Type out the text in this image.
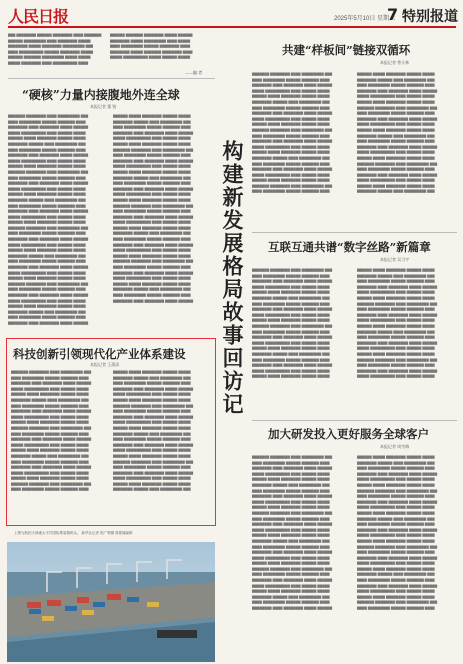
人民日报	2025年5月10日 星期六
7 特别报道
▇▇▇ ▇▇▇▇▇▇▇▇ ▇▇▇▇▇▇ ▇▇▇▇▇▇▇▇ ▇▇▇▇ ▇▇▇▇▇▇▇
▇▇▇▇▇▇ ▇▇▇▇▇▇▇▇▇ ▇▇▇▇ ▇▇▇▇▇▇▇▇ ▇▇▇▇▇
▇▇▇▇▇▇▇▇ ▇▇▇▇▇ ▇▇▇▇▇▇▇▇ ▇▇▇▇▇▇▇▇▇ ▇▇▇
▇▇▇▇ ▇▇▇▇▇▇▇▇▇▇ ▇▇▇▇▇▇ ▇▇▇▇▇▇▇▇ ▇▇▇▇▇
▇▇▇▇▇▇ ▇▇▇▇▇▇▇ ▇▇▇▇▇▇▇▇▇ ▇▇▇▇▇ ▇▇▇▇▇
▇▇▇▇▇ ▇▇▇▇▇▇▇▇ ▇▇▇▇ ▇▇▇▇▇▇▇▇▇▇ ▇▇▇▇
▇▇▇▇▇▇ ▇▇▇▇▇▇▇ ▇▇▇▇▇▇▇▇ ▇▇▇▇▇ ▇▇▇▇▇▇
▇▇▇▇▇▇▇▇ ▇▇▇▇▇ ▇▇▇▇▇▇▇▇▇ ▇▇▇▇ ▇▇▇▇▇
▇▇▇▇ ▇▇▇▇▇▇▇▇▇ ▇▇▇▇▇▇ ▇▇▇▇▇▇▇▇ ▇▇▇▇
▇▇▇▇▇▇▇▇ ▇▇▇▇▇ ▇▇▇▇▇▇▇ ▇▇▇▇▇▇▇▇ ▇▇▇▇
▇▇▇▇▇ ▇▇▇▇▇▇▇▇▇▇ ▇▇▇▇▇ ▇▇▇▇▇▇ ▇▇▇▇▇
——编 者
“硬核”力量内接腹地外连全球
本报记者 董 锐
▇▇▇▇▇▇▇ ▇▇▇▇▇▇▇▇ ▇▇▇▇ ▇▇▇▇▇▇▇▇▇ ▇▇▇
▇▇▇▇ ▇▇▇▇▇▇▇▇▇ ▇▇▇▇▇▇ ▇▇▇▇▇▇▇ ▇▇▇▇
▇▇▇▇▇▇▇▇ ▇▇▇▇ ▇▇▇▇▇▇▇▇ ▇▇▇▇▇ ▇▇▇▇▇▇
▇▇▇▇▇ ▇▇▇▇▇▇▇▇▇▇ ▇▇▇▇ ▇▇▇▇▇▇ ▇▇▇▇▇
▇▇▇▇▇▇ ▇▇▇▇▇ ▇▇▇▇▇▇▇▇ ▇▇▇▇▇▇ ▇▇▇▇▇
▇▇▇▇▇▇▇▇ ▇▇▇▇▇▇ ▇▇▇▇ ▇▇▇▇▇▇▇▇▇ ▇▇▇
▇▇▇▇ ▇▇▇▇▇▇▇▇▇ ▇▇▇▇▇▇ ▇▇▇▇▇▇▇ ▇▇▇▇
▇▇▇▇▇▇▇▇ ▇▇▇▇ ▇▇▇▇▇▇▇▇ ▇▇▇▇▇ ▇▇▇▇▇▇
▇▇▇▇▇ ▇▇▇▇▇▇▇▇▇▇ ▇▇▇▇ ▇▇▇▇▇▇ ▇▇▇▇▇
▇▇▇▇▇▇ ▇▇▇▇▇ ▇▇▇▇▇▇▇▇ ▇▇▇▇▇▇ ▇▇▇▇▇
▇▇▇▇▇▇▇ ▇▇▇▇▇▇▇▇ ▇▇▇▇ ▇▇▇▇▇▇▇▇▇ ▇▇▇
▇▇▇▇ ▇▇▇▇▇▇▇▇▇ ▇▇▇▇▇▇ ▇▇▇▇▇▇▇ ▇▇▇▇
▇▇▇▇▇▇▇▇ ▇▇▇▇ ▇▇▇▇▇▇▇▇ ▇▇▇▇▇ ▇▇▇▇▇▇
▇▇▇▇▇ ▇▇▇▇▇▇▇▇▇▇ ▇▇▇▇ ▇▇▇▇▇▇ ▇▇▇▇▇
▇▇▇▇▇▇ ▇▇▇▇▇ ▇▇▇▇▇▇▇▇ ▇▇▇▇▇▇ ▇▇▇▇▇
▇▇▇▇▇▇▇▇ ▇▇▇▇▇▇ ▇▇▇▇ ▇▇▇▇▇▇▇▇▇ ▇▇▇
▇▇▇▇ ▇▇▇▇▇▇▇▇▇ ▇▇▇▇▇▇ ▇▇▇▇▇▇▇ ▇▇▇▇
▇▇▇▇▇▇▇▇ ▇▇▇▇ ▇▇▇▇▇▇▇▇ ▇▇▇▇▇ ▇▇▇▇▇▇
▇▇▇▇▇ ▇▇▇▇▇▇▇▇▇▇ ▇▇▇▇ ▇▇▇▇▇▇ ▇▇▇▇▇
▇▇▇▇▇▇ ▇▇▇▇▇ ▇▇▇▇▇▇▇▇ ▇▇▇▇▇▇ ▇▇▇▇▇
▇▇▇▇▇▇▇ ▇▇▇▇▇▇▇▇ ▇▇▇▇ ▇▇▇▇▇▇▇▇▇ ▇▇▇
▇▇▇▇ ▇▇▇▇▇▇▇▇▇ ▇▇▇▇▇▇ ▇▇▇▇▇▇▇ ▇▇▇▇
▇▇▇▇▇▇▇▇ ▇▇▇▇ ▇▇▇▇▇▇▇▇ ▇▇▇▇▇ ▇▇▇▇▇▇
▇▇▇▇▇ ▇▇▇▇▇▇▇▇▇▇ ▇▇▇▇ ▇▇▇▇▇▇ ▇▇▇▇▇
▇▇▇▇▇▇ ▇▇▇▇▇ ▇▇▇▇▇▇▇▇ ▇▇▇▇▇▇ ▇▇▇▇▇
▇▇▇▇▇▇▇▇ ▇▇▇▇▇▇ ▇▇▇▇ ▇▇▇▇▇▇▇▇▇ ▇▇▇
▇▇▇▇ ▇▇▇▇▇▇▇▇▇ ▇▇▇▇▇▇ ▇▇▇▇▇▇▇ ▇▇▇▇
▇▇▇▇▇▇▇▇ ▇▇▇▇ ▇▇▇▇▇▇▇▇ ▇▇▇▇▇ ▇▇▇▇▇▇
▇▇▇▇▇ ▇▇▇▇▇▇▇▇▇▇ ▇▇▇▇ ▇▇▇▇▇▇ ▇▇▇▇▇
▇▇▇▇▇▇ ▇▇▇▇▇ ▇▇▇▇▇▇▇▇ ▇▇▇▇▇▇ ▇▇▇▇▇
▇▇▇▇▇▇▇ ▇▇▇▇▇▇▇▇ ▇▇▇▇ ▇▇▇▇▇▇▇▇▇ ▇▇▇
▇▇▇▇ ▇▇▇▇▇▇▇▇▇ ▇▇▇▇▇▇ ▇▇▇▇▇▇▇ ▇▇▇▇
▇▇▇▇▇▇▇▇ ▇▇▇▇ ▇▇▇▇▇▇▇▇ ▇▇▇▇▇ ▇▇▇▇▇▇
▇▇▇▇▇ ▇▇▇▇▇▇▇▇▇▇ ▇▇▇▇ ▇▇▇▇▇▇ ▇▇▇▇▇
▇▇▇▇▇▇ ▇▇▇▇▇ ▇▇▇▇▇▇▇▇ ▇▇▇▇▇▇ ▇▇▇▇▇
▇▇▇▇▇▇▇▇ ▇▇▇▇▇▇ ▇▇▇▇ ▇▇▇▇▇▇▇▇▇ ▇▇▇
▇▇▇▇ ▇▇▇▇▇▇▇▇▇ ▇▇▇▇▇▇ ▇▇▇▇▇▇▇ ▇▇▇▇
▇▇▇▇▇▇▇▇ ▇▇▇▇ ▇▇▇▇▇▇▇▇ ▇▇▇▇▇ ▇▇▇▇▇▇
▇▇▇▇▇▇ ▇▇▇▇▇ ▇▇▇▇▇▇▇▇ ▇▇▇▇▇▇ ▇▇▇▇▇
▇▇▇▇▇▇▇▇ ▇▇▇▇▇▇ ▇▇▇▇ ▇▇▇▇▇▇▇▇▇ ▇▇▇
▇▇▇▇ ▇▇▇▇▇▇▇▇▇ ▇▇▇▇▇▇ ▇▇▇▇▇▇▇ ▇▇▇▇
▇▇▇▇▇▇▇▇ ▇▇▇▇ ▇▇▇▇▇▇▇▇ ▇▇▇▇▇ ▇▇▇▇▇▇
▇▇▇▇▇ ▇▇▇▇▇▇▇▇▇▇ ▇▇▇▇ ▇▇▇▇▇▇ ▇▇▇▇▇
▇▇▇▇▇▇ ▇▇▇▇▇ ▇▇▇▇▇▇▇▇ ▇▇▇▇▇▇ ▇▇▇▇▇
▇▇▇▇▇▇▇ ▇▇▇▇▇▇▇▇ ▇▇▇▇ ▇▇▇▇▇▇▇▇▇ ▇▇▇
▇▇▇▇ ▇▇▇▇▇▇▇▇▇ ▇▇▇▇▇▇ ▇▇▇▇▇▇▇ ▇▇▇▇
▇▇▇▇▇▇▇▇ ▇▇▇▇ ▇▇▇▇▇▇▇▇ ▇▇▇▇▇ ▇▇▇▇▇▇
▇▇▇▇▇ ▇▇▇▇▇▇▇▇▇▇ ▇▇▇▇ ▇▇▇▇▇▇ ▇▇▇▇▇
▇▇▇▇▇▇ ▇▇▇▇▇ ▇▇▇▇▇▇▇▇ ▇▇▇▇▇▇ ▇▇▇▇▇
▇▇▇▇▇▇▇▇ ▇▇▇▇▇▇ ▇▇▇▇ ▇▇▇▇▇▇▇▇▇ ▇▇▇
▇▇▇▇ ▇▇▇▇▇▇▇▇▇ ▇▇▇▇▇▇ ▇▇▇▇▇▇▇ ▇▇▇▇
▇▇▇▇▇▇▇▇ ▇▇▇▇ ▇▇▇▇▇▇▇▇ ▇▇▇▇▇ ▇▇▇▇▇▇
▇▇▇▇▇ ▇▇▇▇▇▇▇▇▇▇ ▇▇▇▇ ▇▇▇▇▇▇ ▇▇▇▇▇
▇▇▇▇▇▇ ▇▇▇▇▇ ▇▇▇▇▇▇▇▇ ▇▇▇▇▇▇ ▇▇▇▇▇
▇▇▇▇▇▇▇ ▇▇▇▇▇▇▇▇ ▇▇▇▇ ▇▇▇▇▇▇▇▇▇ ▇▇▇
▇▇▇▇ ▇▇▇▇▇▇▇▇▇ ▇▇▇▇▇▇ ▇▇▇▇▇▇▇ ▇▇▇▇
▇▇▇▇▇▇▇▇ ▇▇▇▇ ▇▇▇▇▇▇▇▇ ▇▇▇▇▇ ▇▇▇▇▇▇
▇▇▇▇▇ ▇▇▇▇▇▇▇▇▇▇ ▇▇▇▇ ▇▇▇▇▇▇ ▇▇▇▇▇
▇▇▇▇▇▇ ▇▇▇▇▇ ▇▇▇▇▇▇▇▇ ▇▇▇▇▇▇ ▇▇▇▇▇
▇▇▇▇▇▇▇▇ ▇▇▇▇▇▇ ▇▇▇▇ ▇▇▇▇▇▇▇▇▇ ▇▇▇
▇▇▇▇ ▇▇▇▇▇▇▇▇▇ ▇▇▇▇▇▇ ▇▇▇▇▇▇▇ ▇▇▇▇
▇▇▇▇▇▇▇▇ ▇▇▇▇ ▇▇▇▇▇▇▇▇ ▇▇▇▇▇ ▇▇▇▇▇▇
▇▇▇▇▇ ▇▇▇▇▇▇▇▇▇▇ ▇▇▇▇ ▇▇▇▇▇▇ ▇▇▇▇▇
▇▇▇▇▇▇ ▇▇▇▇▇ ▇▇▇▇▇▇▇▇ ▇▇▇▇▇▇ ▇▇▇▇▇
▇▇▇▇▇▇▇ ▇▇▇▇▇▇▇▇ ▇▇▇▇ ▇▇▇▇▇▇▇▇▇ ▇▇▇
▇▇▇▇ ▇▇▇▇▇▇▇▇▇ ▇▇▇▇▇▇ ▇▇▇▇▇▇▇ ▇▇▇▇
▇▇▇▇▇▇▇▇ ▇▇▇▇ ▇▇▇▇▇▇▇▇ ▇▇▇▇▇ ▇▇▇▇▇▇
▇▇▇▇▇ ▇▇▇▇▇▇▇▇▇▇ ▇▇▇▇ ▇▇▇▇▇▇ ▇▇▇▇▇
▇▇▇▇▇▇ ▇▇▇▇▇ ▇▇▇▇▇▇▇▇ ▇▇▇▇▇▇ ▇▇▇▇▇
▇▇▇▇▇▇▇▇ ▇▇▇▇▇▇ ▇▇▇▇ ▇▇▇▇▇▇▇▇▇ ▇▇▇
▇▇▇▇ ▇▇▇▇▇▇▇▇▇ ▇▇▇▇▇▇ ▇▇▇▇▇▇▇ ▇▇▇▇
▇▇▇▇▇▇▇▇ ▇▇▇▇ ▇▇▇▇▇▇▇▇ ▇▇▇▇▇ ▇▇▇▇▇▇
科技创新引领现代化产业体系建设
本报记者 王蒲清
▇▇▇▇▇▇▇ ▇▇▇▇▇▇▇▇ ▇▇▇▇ ▇▇▇▇▇▇▇▇▇ ▇▇▇
▇▇▇▇ ▇▇▇▇▇▇▇▇▇ ▇▇▇▇▇▇ ▇▇▇▇▇▇▇ ▇▇▇▇
▇▇▇▇▇▇▇▇ ▇▇▇▇ ▇▇▇▇▇▇▇▇ ▇▇▇▇▇ ▇▇▇▇▇▇
▇▇▇▇▇ ▇▇▇▇▇▇▇▇▇▇ ▇▇▇▇ ▇▇▇▇▇▇ ▇▇▇▇▇
▇▇▇▇▇▇ ▇▇▇▇▇ ▇▇▇▇▇▇▇▇ ▇▇▇▇▇▇ ▇▇▇▇▇
▇▇▇▇▇▇▇▇ ▇▇▇▇▇▇ ▇▇▇▇ ▇▇▇▇▇▇▇▇▇ ▇▇▇
▇▇▇▇ ▇▇▇▇▇▇▇▇▇ ▇▇▇▇▇▇ ▇▇▇▇▇▇▇ ▇▇▇▇
▇▇▇▇▇▇▇▇ ▇▇▇▇ ▇▇▇▇▇▇▇▇ ▇▇▇▇▇ ▇▇▇▇▇▇
▇▇▇▇▇ ▇▇▇▇▇▇▇▇▇▇ ▇▇▇▇ ▇▇▇▇▇▇ ▇▇▇▇▇
▇▇▇▇▇▇ ▇▇▇▇▇ ▇▇▇▇▇▇▇▇ ▇▇▇▇▇▇ ▇▇▇▇▇
▇▇▇▇▇▇▇ ▇▇▇▇▇▇▇▇ ▇▇▇▇ ▇▇▇▇▇▇▇▇▇ ▇▇▇
▇▇▇▇ ▇▇▇▇▇▇▇▇▇ ▇▇▇▇▇▇ ▇▇▇▇▇▇▇ ▇▇▇▇
▇▇▇▇▇▇▇▇ ▇▇▇▇ ▇▇▇▇▇▇▇▇ ▇▇▇▇▇ ▇▇▇▇▇▇
▇▇▇▇▇ ▇▇▇▇▇▇▇▇▇▇ ▇▇▇▇ ▇▇▇▇▇▇ ▇▇▇▇▇
▇▇▇▇▇▇ ▇▇▇▇▇ ▇▇▇▇▇▇▇▇ ▇▇▇▇▇▇ ▇▇▇▇▇
▇▇▇▇▇▇▇▇ ▇▇▇▇▇▇ ▇▇▇▇ ▇▇▇▇▇▇▇▇▇ ▇▇▇
▇▇▇▇ ▇▇▇▇▇▇▇▇▇ ▇▇▇▇▇▇ ▇▇▇▇▇▇▇ ▇▇▇▇
▇▇▇▇▇▇▇▇ ▇▇▇▇ ▇▇▇▇▇▇▇▇ ▇▇▇▇▇ ▇▇▇▇▇▇
▇▇▇▇▇ ▇▇▇▇▇▇▇▇▇▇ ▇▇▇▇ ▇▇▇▇▇▇ ▇▇▇▇▇
▇▇▇▇▇▇ ▇▇▇▇▇ ▇▇▇▇▇▇▇▇ ▇▇▇▇▇▇ ▇▇▇▇▇
▇▇▇▇▇▇▇ ▇▇▇▇▇▇▇▇ ▇▇▇▇ ▇▇▇▇▇▇▇▇▇ ▇▇▇
▇▇▇▇ ▇▇▇▇▇▇▇▇▇ ▇▇▇▇▇▇ ▇▇▇▇▇▇▇ ▇▇▇▇
▇▇▇▇▇▇ ▇▇▇▇▇ ▇▇▇▇▇▇▇▇ ▇▇▇▇▇▇ ▇▇▇▇▇
▇▇▇▇▇▇▇▇ ▇▇▇▇▇▇ ▇▇▇▇ ▇▇▇▇▇▇▇▇▇ ▇▇▇
▇▇▇▇ ▇▇▇▇▇▇▇▇▇ ▇▇▇▇▇▇ ▇▇▇▇▇▇▇ ▇▇▇▇
▇▇▇▇▇▇▇▇ ▇▇▇▇ ▇▇▇▇▇▇▇▇ ▇▇▇▇▇ ▇▇▇▇▇▇
▇▇▇▇▇ ▇▇▇▇▇▇▇▇▇▇ ▇▇▇▇ ▇▇▇▇▇▇ ▇▇▇▇▇
▇▇▇▇▇▇ ▇▇▇▇▇ ▇▇▇▇▇▇▇▇ ▇▇▇▇▇▇ ▇▇▇▇▇
▇▇▇▇▇▇▇ ▇▇▇▇▇▇▇▇ ▇▇▇▇ ▇▇▇▇▇▇▇▇▇ ▇▇▇
▇▇▇▇ ▇▇▇▇▇▇▇▇▇ ▇▇▇▇▇▇ ▇▇▇▇▇▇▇ ▇▇▇▇
▇▇▇▇▇▇▇▇ ▇▇▇▇ ▇▇▇▇▇▇▇▇ ▇▇▇▇▇ ▇▇▇▇▇▇
▇▇▇▇▇ ▇▇▇▇▇▇▇▇▇▇ ▇▇▇▇ ▇▇▇▇▇▇ ▇▇▇▇▇
▇▇▇▇▇▇ ▇▇▇▇▇ ▇▇▇▇▇▇▇▇ ▇▇▇▇▇▇ ▇▇▇▇▇
▇▇▇▇▇▇▇▇ ▇▇▇▇▇▇ ▇▇▇▇ ▇▇▇▇▇▇▇▇▇ ▇▇▇
▇▇▇▇ ▇▇▇▇▇▇▇▇▇ ▇▇▇▇▇▇ ▇▇▇▇▇▇▇ ▇▇▇▇
▇▇▇▇▇▇▇▇ ▇▇▇▇ ▇▇▇▇▇▇▇▇ ▇▇▇▇▇ ▇▇▇▇▇▇
▇▇▇▇▇ ▇▇▇▇▇▇▇▇▇▇ ▇▇▇▇ ▇▇▇▇▇▇ ▇▇▇▇▇
▇▇▇▇▇▇ ▇▇▇▇▇ ▇▇▇▇▇▇▇▇ ▇▇▇▇▇▇ ▇▇▇▇▇
▇▇▇▇▇▇▇ ▇▇▇▇▇▇▇▇ ▇▇▇▇ ▇▇▇▇▇▇▇▇▇ ▇▇▇
▇▇▇▇ ▇▇▇▇▇▇▇▇▇ ▇▇▇▇▇▇ ▇▇▇▇▇▇▇ ▇▇▇▇
▇▇▇▇▇▇▇▇ ▇▇▇▇ ▇▇▇▇▇▇▇▇ ▇▇▇▇▇ ▇▇▇▇▇▇
▇▇▇▇▇ ▇▇▇▇▇▇▇▇▇▇ ▇▇▇▇ ▇▇▇▇▇▇ ▇▇▇▇▇
▇▇▇▇▇▇ ▇▇▇▇▇ ▇▇▇▇▇▇▇▇ ▇▇▇▇▇▇ ▇▇▇▇▇
▇▇▇▇▇▇▇▇ ▇▇▇▇▇▇ ▇▇▇▇ ▇▇▇▇▇▇▇▇▇ ▇▇▇
上图为航拍天津港太平洋国际集装箱码头。 新华社记者 邢广利摄 周德闻编制
构建新发展格局故事回访记
共建“样板间”链接双循环
本报记者 曾天林
▇▇▇▇▇▇▇ ▇▇▇▇▇▇▇▇ ▇▇▇▇ ▇▇▇▇▇▇▇▇▇ ▇▇▇
▇▇▇▇ ▇▇▇▇▇▇▇▇▇ ▇▇▇▇▇▇ ▇▇▇▇▇▇▇ ▇▇▇▇
▇▇▇▇▇▇▇▇ ▇▇▇▇ ▇▇▇▇▇▇▇▇ ▇▇▇▇▇ ▇▇▇▇▇▇
▇▇▇▇▇ ▇▇▇▇▇▇▇▇▇▇ ▇▇▇▇ ▇▇▇▇▇▇ ▇▇▇▇▇
▇▇▇▇▇▇ ▇▇▇▇▇ ▇▇▇▇▇▇▇▇ ▇▇▇▇▇▇ ▇▇▇▇▇
▇▇▇▇▇▇▇▇ ▇▇▇▇▇▇ ▇▇▇▇ ▇▇▇▇▇▇▇▇▇ ▇▇▇
▇▇▇▇ ▇▇▇▇▇▇▇▇▇ ▇▇▇▇▇▇ ▇▇▇▇▇▇▇ ▇▇▇▇
▇▇▇▇▇▇▇▇ ▇▇▇▇ ▇▇▇▇▇▇▇▇ ▇▇▇▇▇ ▇▇▇▇▇▇
▇▇▇▇▇ ▇▇▇▇▇▇▇▇▇▇ ▇▇▇▇ ▇▇▇▇▇▇ ▇▇▇▇▇
▇▇▇▇▇▇ ▇▇▇▇▇ ▇▇▇▇▇▇▇▇ ▇▇▇▇▇▇ ▇▇▇▇▇
▇▇▇▇▇▇▇ ▇▇▇▇▇▇▇▇ ▇▇▇▇ ▇▇▇▇▇▇▇▇▇ ▇▇▇
▇▇▇▇ ▇▇▇▇▇▇▇▇▇ ▇▇▇▇▇▇ ▇▇▇▇▇▇▇ ▇▇▇▇
▇▇▇▇▇▇▇▇ ▇▇▇▇ ▇▇▇▇▇▇▇▇ ▇▇▇▇▇ ▇▇▇▇▇▇
▇▇▇▇▇ ▇▇▇▇▇▇▇▇▇▇ ▇▇▇▇ ▇▇▇▇▇▇ ▇▇▇▇▇
▇▇▇▇▇▇ ▇▇▇▇▇ ▇▇▇▇▇▇▇▇ ▇▇▇▇▇▇ ▇▇▇▇▇
▇▇▇▇▇▇▇▇ ▇▇▇▇▇▇ ▇▇▇▇ ▇▇▇▇▇▇▇▇▇ ▇▇▇
▇▇▇▇ ▇▇▇▇▇▇▇▇▇ ▇▇▇▇▇▇ ▇▇▇▇▇▇▇ ▇▇▇▇
▇▇▇▇▇▇▇▇ ▇▇▇▇ ▇▇▇▇▇▇▇▇ ▇▇▇▇▇ ▇▇▇▇▇▇
▇▇▇▇▇ ▇▇▇▇▇▇▇▇▇▇ ▇▇▇▇ ▇▇▇▇▇▇ ▇▇▇▇▇
▇▇▇▇▇▇ ▇▇▇▇▇ ▇▇▇▇▇▇▇▇ ▇▇▇▇▇▇ ▇▇▇▇▇
▇▇▇▇▇▇▇ ▇▇▇▇▇▇▇▇ ▇▇▇▇ ▇▇▇▇▇▇▇▇▇ ▇▇▇
▇▇▇▇ ▇▇▇▇▇▇▇▇▇ ▇▇▇▇▇▇ ▇▇▇▇▇▇▇ ▇▇▇▇
▇▇▇▇▇▇ ▇▇▇▇▇ ▇▇▇▇▇▇▇▇ ▇▇▇▇▇▇ ▇▇▇▇▇
▇▇▇▇▇▇▇▇ ▇▇▇▇▇▇ ▇▇▇▇ ▇▇▇▇▇▇▇▇▇ ▇▇▇
▇▇▇▇ ▇▇▇▇▇▇▇▇▇ ▇▇▇▇▇▇ ▇▇▇▇▇▇▇ ▇▇▇▇
▇▇▇▇▇▇▇▇ ▇▇▇▇ ▇▇▇▇▇▇▇▇ ▇▇▇▇▇ ▇▇▇▇▇▇
▇▇▇▇▇ ▇▇▇▇▇▇▇▇▇▇ ▇▇▇▇ ▇▇▇▇▇▇ ▇▇▇▇▇
▇▇▇▇▇▇ ▇▇▇▇▇ ▇▇▇▇▇▇▇▇ ▇▇▇▇▇▇ ▇▇▇▇▇
▇▇▇▇▇▇▇ ▇▇▇▇▇▇▇▇ ▇▇▇▇ ▇▇▇▇▇▇▇▇▇ ▇▇▇
▇▇▇▇ ▇▇▇▇▇▇▇▇▇ ▇▇▇▇▇▇ ▇▇▇▇▇▇▇ ▇▇▇▇
▇▇▇▇▇▇▇▇ ▇▇▇▇ ▇▇▇▇▇▇▇▇ ▇▇▇▇▇ ▇▇▇▇▇▇
▇▇▇▇▇ ▇▇▇▇▇▇▇▇▇▇ ▇▇▇▇ ▇▇▇▇▇▇ ▇▇▇▇▇
▇▇▇▇▇▇ ▇▇▇▇▇ ▇▇▇▇▇▇▇▇ ▇▇▇▇▇▇ ▇▇▇▇▇
▇▇▇▇▇▇▇▇ ▇▇▇▇▇▇ ▇▇▇▇ ▇▇▇▇▇▇▇▇▇ ▇▇▇
▇▇▇▇ ▇▇▇▇▇▇▇▇▇ ▇▇▇▇▇▇ ▇▇▇▇▇▇▇ ▇▇▇▇
▇▇▇▇▇▇▇▇ ▇▇▇▇ ▇▇▇▇▇▇▇▇ ▇▇▇▇▇ ▇▇▇▇▇▇
▇▇▇▇▇ ▇▇▇▇▇▇▇▇▇▇ ▇▇▇▇ ▇▇▇▇▇▇ ▇▇▇▇▇
▇▇▇▇▇▇ ▇▇▇▇▇ ▇▇▇▇▇▇▇▇ ▇▇▇▇▇▇ ▇▇▇▇▇
▇▇▇▇▇▇▇ ▇▇▇▇▇▇▇▇ ▇▇▇▇ ▇▇▇▇▇▇▇▇▇ ▇▇▇
▇▇▇▇ ▇▇▇▇▇▇▇▇▇ ▇▇▇▇▇▇ ▇▇▇▇▇▇▇ ▇▇▇▇
▇▇▇▇▇▇▇▇ ▇▇▇▇ ▇▇▇▇▇▇▇▇ ▇▇▇▇▇ ▇▇▇▇▇▇
▇▇▇▇▇ ▇▇▇▇▇▇▇▇▇▇ ▇▇▇▇ ▇▇▇▇▇▇ ▇▇▇▇▇
▇▇▇▇▇▇ ▇▇▇▇▇ ▇▇▇▇▇▇▇▇ ▇▇▇▇▇▇ ▇▇▇▇▇
▇▇▇▇▇▇▇▇ ▇▇▇▇▇▇ ▇▇▇▇ ▇▇▇▇▇▇▇▇▇ ▇▇▇
互联互通共谱“数字丝路”新篇章
本报记者 吴习宇
▇▇▇▇▇▇▇ ▇▇▇▇▇▇▇▇ ▇▇▇▇ ▇▇▇▇▇▇▇▇▇ ▇▇▇
▇▇▇▇ ▇▇▇▇▇▇▇▇▇ ▇▇▇▇▇▇ ▇▇▇▇▇▇▇ ▇▇▇▇
▇▇▇▇▇▇▇▇ ▇▇▇▇ ▇▇▇▇▇▇▇▇ ▇▇▇▇▇ ▇▇▇▇▇▇
▇▇▇▇▇ ▇▇▇▇▇▇▇▇▇▇ ▇▇▇▇ ▇▇▇▇▇▇ ▇▇▇▇▇
▇▇▇▇▇▇ ▇▇▇▇▇ ▇▇▇▇▇▇▇▇ ▇▇▇▇▇▇ ▇▇▇▇▇
▇▇▇▇▇▇▇▇ ▇▇▇▇▇▇ ▇▇▇▇ ▇▇▇▇▇▇▇▇▇ ▇▇▇
▇▇▇▇ ▇▇▇▇▇▇▇▇▇ ▇▇▇▇▇▇ ▇▇▇▇▇▇▇ ▇▇▇▇
▇▇▇▇▇▇▇▇ ▇▇▇▇ ▇▇▇▇▇▇▇▇ ▇▇▇▇▇ ▇▇▇▇▇▇
▇▇▇▇▇ ▇▇▇▇▇▇▇▇▇▇ ▇▇▇▇ ▇▇▇▇▇▇ ▇▇▇▇▇
▇▇▇▇▇▇ ▇▇▇▇▇ ▇▇▇▇▇▇▇▇ ▇▇▇▇▇▇ ▇▇▇▇▇
▇▇▇▇▇▇▇ ▇▇▇▇▇▇▇▇ ▇▇▇▇ ▇▇▇▇▇▇▇▇▇ ▇▇▇
▇▇▇▇ ▇▇▇▇▇▇▇▇▇ ▇▇▇▇▇▇ ▇▇▇▇▇▇▇ ▇▇▇▇
▇▇▇▇▇▇▇▇ ▇▇▇▇ ▇▇▇▇▇▇▇▇ ▇▇▇▇▇ ▇▇▇▇▇▇
▇▇▇▇▇ ▇▇▇▇▇▇▇▇▇▇ ▇▇▇▇ ▇▇▇▇▇▇ ▇▇▇▇▇
▇▇▇▇▇▇ ▇▇▇▇▇ ▇▇▇▇▇▇▇▇ ▇▇▇▇▇▇ ▇▇▇▇▇
▇▇▇▇▇▇▇▇ ▇▇▇▇▇▇ ▇▇▇▇ ▇▇▇▇▇▇▇▇▇ ▇▇▇
▇▇▇▇ ▇▇▇▇▇▇▇▇▇ ▇▇▇▇▇▇ ▇▇▇▇▇▇▇ ▇▇▇▇
▇▇▇▇▇▇▇▇ ▇▇▇▇ ▇▇▇▇▇▇▇▇ ▇▇▇▇▇ ▇▇▇▇▇▇
▇▇▇▇▇ ▇▇▇▇▇▇▇▇▇▇ ▇▇▇▇ ▇▇▇▇▇▇ ▇▇▇▇▇
▇▇▇▇▇▇ ▇▇▇▇▇ ▇▇▇▇▇▇▇▇ ▇▇▇▇▇▇ ▇▇▇▇▇
▇▇▇▇▇▇ ▇▇▇▇▇ ▇▇▇▇▇▇▇▇ ▇▇▇▇▇▇ ▇▇▇▇▇
▇▇▇▇▇▇▇▇ ▇▇▇▇▇▇ ▇▇▇▇ ▇▇▇▇▇▇▇▇▇ ▇▇▇
▇▇▇▇ ▇▇▇▇▇▇▇▇▇ ▇▇▇▇▇▇ ▇▇▇▇▇▇▇ ▇▇▇▇
▇▇▇▇▇▇▇▇ ▇▇▇▇ ▇▇▇▇▇▇▇▇ ▇▇▇▇▇ ▇▇▇▇▇▇
▇▇▇▇▇ ▇▇▇▇▇▇▇▇▇▇ ▇▇▇▇ ▇▇▇▇▇▇ ▇▇▇▇▇
▇▇▇▇▇▇ ▇▇▇▇▇ ▇▇▇▇▇▇▇▇ ▇▇▇▇▇▇ ▇▇▇▇▇
▇▇▇▇▇▇▇ ▇▇▇▇▇▇▇▇ ▇▇▇▇ ▇▇▇▇▇▇▇▇▇ ▇▇▇
▇▇▇▇ ▇▇▇▇▇▇▇▇▇ ▇▇▇▇▇▇ ▇▇▇▇▇▇▇ ▇▇▇▇
▇▇▇▇▇▇▇▇ ▇▇▇▇ ▇▇▇▇▇▇▇▇ ▇▇▇▇▇ ▇▇▇▇▇▇
▇▇▇▇▇ ▇▇▇▇▇▇▇▇▇▇ ▇▇▇▇ ▇▇▇▇▇▇ ▇▇▇▇▇
▇▇▇▇▇▇ ▇▇▇▇▇ ▇▇▇▇▇▇▇▇ ▇▇▇▇▇▇ ▇▇▇▇▇
▇▇▇▇▇▇▇▇ ▇▇▇▇▇▇ ▇▇▇▇ ▇▇▇▇▇▇▇▇▇ ▇▇▇
▇▇▇▇ ▇▇▇▇▇▇▇▇▇ ▇▇▇▇▇▇ ▇▇▇▇▇▇▇ ▇▇▇▇
▇▇▇▇▇▇▇▇ ▇▇▇▇ ▇▇▇▇▇▇▇▇ ▇▇▇▇▇ ▇▇▇▇▇▇
▇▇▇▇▇ ▇▇▇▇▇▇▇▇▇▇ ▇▇▇▇ ▇▇▇▇▇▇ ▇▇▇▇▇
▇▇▇▇▇▇ ▇▇▇▇▇ ▇▇▇▇▇▇▇▇ ▇▇▇▇▇▇ ▇▇▇▇▇
▇▇▇▇▇▇▇ ▇▇▇▇▇▇▇▇ ▇▇▇▇ ▇▇▇▇▇▇▇▇▇ ▇▇▇
▇▇▇▇ ▇▇▇▇▇▇▇▇▇ ▇▇▇▇▇▇ ▇▇▇▇▇▇▇ ▇▇▇▇
▇▇▇▇▇▇▇▇ ▇▇▇▇ ▇▇▇▇▇▇▇▇ ▇▇▇▇▇ ▇▇▇▇▇▇
▇▇▇▇▇ ▇▇▇▇▇▇▇▇▇▇ ▇▇▇▇ ▇▇▇▇▇▇ ▇▇▇▇▇
加大研发投入更好服务全球客户
本报记者 周雪梅
▇▇▇▇▇▇▇ ▇▇▇▇▇▇▇▇ ▇▇▇▇ ▇▇▇▇▇▇▇▇▇ ▇▇▇
▇▇▇▇ ▇▇▇▇▇▇▇▇▇ ▇▇▇▇▇▇ ▇▇▇▇▇▇▇ ▇▇▇▇
▇▇▇▇▇▇▇▇ ▇▇▇▇ ▇▇▇▇▇▇▇▇ ▇▇▇▇▇ ▇▇▇▇▇▇
▇▇▇▇▇ ▇▇▇▇▇▇▇▇▇▇ ▇▇▇▇ ▇▇▇▇▇▇ ▇▇▇▇▇
▇▇▇▇▇▇ ▇▇▇▇▇ ▇▇▇▇▇▇▇▇ ▇▇▇▇▇▇ ▇▇▇▇▇
▇▇▇▇▇▇▇▇ ▇▇▇▇▇▇ ▇▇▇▇ ▇▇▇▇▇▇▇▇▇ ▇▇▇
▇▇▇▇ ▇▇▇▇▇▇▇▇▇ ▇▇▇▇▇▇ ▇▇▇▇▇▇▇ ▇▇▇▇
▇▇▇▇▇▇▇▇ ▇▇▇▇ ▇▇▇▇▇▇▇▇ ▇▇▇▇▇ ▇▇▇▇▇▇
▇▇▇▇▇ ▇▇▇▇▇▇▇▇▇▇ ▇▇▇▇ ▇▇▇▇▇▇ ▇▇▇▇▇
▇▇▇▇▇▇ ▇▇▇▇▇ ▇▇▇▇▇▇▇▇ ▇▇▇▇▇▇ ▇▇▇▇▇
▇▇▇▇▇▇▇ ▇▇▇▇▇▇▇▇ ▇▇▇▇ ▇▇▇▇▇▇▇▇▇ ▇▇▇
▇▇▇▇ ▇▇▇▇▇▇▇▇▇ ▇▇▇▇▇▇ ▇▇▇▇▇▇▇ ▇▇▇▇
▇▇▇▇▇▇▇▇ ▇▇▇▇ ▇▇▇▇▇▇▇▇ ▇▇▇▇▇ ▇▇▇▇▇▇
▇▇▇▇▇ ▇▇▇▇▇▇▇▇▇▇ ▇▇▇▇ ▇▇▇▇▇▇ ▇▇▇▇▇
▇▇▇▇▇▇ ▇▇▇▇▇ ▇▇▇▇▇▇▇▇ ▇▇▇▇▇▇ ▇▇▇▇▇
▇▇▇▇▇▇▇▇ ▇▇▇▇▇▇ ▇▇▇▇ ▇▇▇▇▇▇▇▇▇ ▇▇▇
▇▇▇▇ ▇▇▇▇▇▇▇▇▇ ▇▇▇▇▇▇ ▇▇▇▇▇▇▇ ▇▇▇▇
▇▇▇▇▇▇▇▇ ▇▇▇▇ ▇▇▇▇▇▇▇▇ ▇▇▇▇▇ ▇▇▇▇▇▇
▇▇▇▇▇ ▇▇▇▇▇▇▇▇▇▇ ▇▇▇▇ ▇▇▇▇▇▇ ▇▇▇▇▇
▇▇▇▇▇▇ ▇▇▇▇▇ ▇▇▇▇▇▇▇▇ ▇▇▇▇▇▇ ▇▇▇▇▇
▇▇▇▇▇▇▇ ▇▇▇▇▇▇▇▇ ▇▇▇▇ ▇▇▇▇▇▇▇▇▇ ▇▇▇
▇▇▇▇ ▇▇▇▇▇▇▇▇▇ ▇▇▇▇▇▇ ▇▇▇▇▇▇▇ ▇▇▇▇
▇▇▇▇▇▇▇▇ ▇▇▇▇ ▇▇▇▇▇▇▇▇ ▇▇▇▇▇ ▇▇▇▇▇▇
▇▇▇▇▇ ▇▇▇▇▇▇▇▇▇▇ ▇▇▇▇ ▇▇▇▇▇▇ ▇▇▇▇▇
▇▇▇▇▇▇ ▇▇▇▇▇ ▇▇▇▇▇▇▇▇ ▇▇▇▇▇▇ ▇▇▇▇▇
▇▇▇▇▇▇▇▇ ▇▇▇▇▇▇ ▇▇▇▇ ▇▇▇▇▇▇▇▇▇ ▇▇▇
▇▇▇▇ ▇▇▇▇▇▇▇▇▇ ▇▇▇▇▇▇ ▇▇▇▇▇▇▇ ▇▇▇▇
▇▇▇▇▇▇▇▇ ▇▇▇▇ ▇▇▇▇▇▇▇▇ ▇▇▇▇▇ ▇▇▇▇▇▇
▇▇▇▇▇▇ ▇▇▇▇▇ ▇▇▇▇▇▇▇▇ ▇▇▇▇▇▇ ▇▇▇▇▇
▇▇▇▇▇▇▇▇ ▇▇▇▇▇▇ ▇▇▇▇ ▇▇▇▇▇▇▇▇▇ ▇▇▇
▇▇▇▇ ▇▇▇▇▇▇▇▇▇ ▇▇▇▇▇▇ ▇▇▇▇▇▇▇ ▇▇▇▇
▇▇▇▇▇▇▇▇ ▇▇▇▇ ▇▇▇▇▇▇▇▇ ▇▇▇▇▇ ▇▇▇▇▇▇
▇▇▇▇▇ ▇▇▇▇▇▇▇▇▇▇ ▇▇▇▇ ▇▇▇▇▇▇ ▇▇▇▇▇
▇▇▇▇▇▇ ▇▇▇▇▇ ▇▇▇▇▇▇▇▇ ▇▇▇▇▇▇ ▇▇▇▇▇
▇▇▇▇▇▇▇ ▇▇▇▇▇▇▇▇ ▇▇▇▇ ▇▇▇▇▇▇▇▇▇ ▇▇▇
▇▇▇▇ ▇▇▇▇▇▇▇▇▇ ▇▇▇▇▇▇ ▇▇▇▇▇▇▇ ▇▇▇▇
▇▇▇▇▇▇▇▇ ▇▇▇▇ ▇▇▇▇▇▇▇▇ ▇▇▇▇▇ ▇▇▇▇▇▇
▇▇▇▇▇ ▇▇▇▇▇▇▇▇▇▇ ▇▇▇▇ ▇▇▇▇▇▇ ▇▇▇▇▇
▇▇▇▇▇▇ ▇▇▇▇▇ ▇▇▇▇▇▇▇▇ ▇▇▇▇▇▇ ▇▇▇▇▇
▇▇▇▇▇▇▇▇ ▇▇▇▇▇▇ ▇▇▇▇ ▇▇▇▇▇▇▇▇▇ ▇▇▇
▇▇▇▇ ▇▇▇▇▇▇▇▇▇ ▇▇▇▇▇▇ ▇▇▇▇▇▇▇ ▇▇▇▇
▇▇▇▇▇▇▇▇ ▇▇▇▇ ▇▇▇▇▇▇▇▇ ▇▇▇▇▇ ▇▇▇▇▇▇
▇▇▇▇▇ ▇▇▇▇▇▇▇▇▇▇ ▇▇▇▇ ▇▇▇▇▇▇ ▇▇▇▇▇
▇▇▇▇▇▇ ▇▇▇▇▇ ▇▇▇▇▇▇▇▇ ▇▇▇▇▇▇ ▇▇▇▇▇
▇▇▇▇▇▇▇ ▇▇▇▇▇▇▇▇ ▇▇▇▇ ▇▇▇▇▇▇▇▇▇ ▇▇▇
▇▇▇▇ ▇▇▇▇▇▇▇▇▇ ▇▇▇▇▇▇ ▇▇▇▇▇▇▇ ▇▇▇▇
▇▇▇▇▇▇▇▇ ▇▇▇▇ ▇▇▇▇▇▇▇▇ ▇▇▇▇▇ ▇▇▇▇▇▇
▇▇▇▇▇ ▇▇▇▇▇▇▇▇▇▇ ▇▇▇▇ ▇▇▇▇▇▇ ▇▇▇▇▇
▇▇▇▇▇▇ ▇▇▇▇▇ ▇▇▇▇▇▇▇▇ ▇▇▇▇▇▇ ▇▇▇▇▇
▇▇▇▇▇▇▇▇ ▇▇▇▇▇▇ ▇▇▇▇ ▇▇▇▇▇▇▇▇▇ ▇▇▇
▇▇▇▇ ▇▇▇▇▇▇▇▇▇ ▇▇▇▇▇▇ ▇▇▇▇▇▇▇ ▇▇▇▇
▇▇▇▇▇▇▇▇ ▇▇▇▇ ▇▇▇▇▇▇▇▇ ▇▇▇▇▇ ▇▇▇▇▇▇
▇▇▇▇▇ ▇▇▇▇▇▇▇▇▇▇ ▇▇▇▇ ▇▇▇▇▇▇ ▇▇▇▇▇
▇▇▇▇▇▇ ▇▇▇▇▇ ▇▇▇▇▇▇▇▇ ▇▇▇▇▇▇ ▇▇▇▇▇
▇▇▇▇▇▇▇ ▇▇▇▇▇▇▇▇ ▇▇▇▇ ▇▇▇▇▇▇▇▇▇ ▇▇▇
▇▇▇▇ ▇▇▇▇▇▇▇▇▇ ▇▇▇▇▇▇ ▇▇▇▇▇▇▇ ▇▇▇▇
